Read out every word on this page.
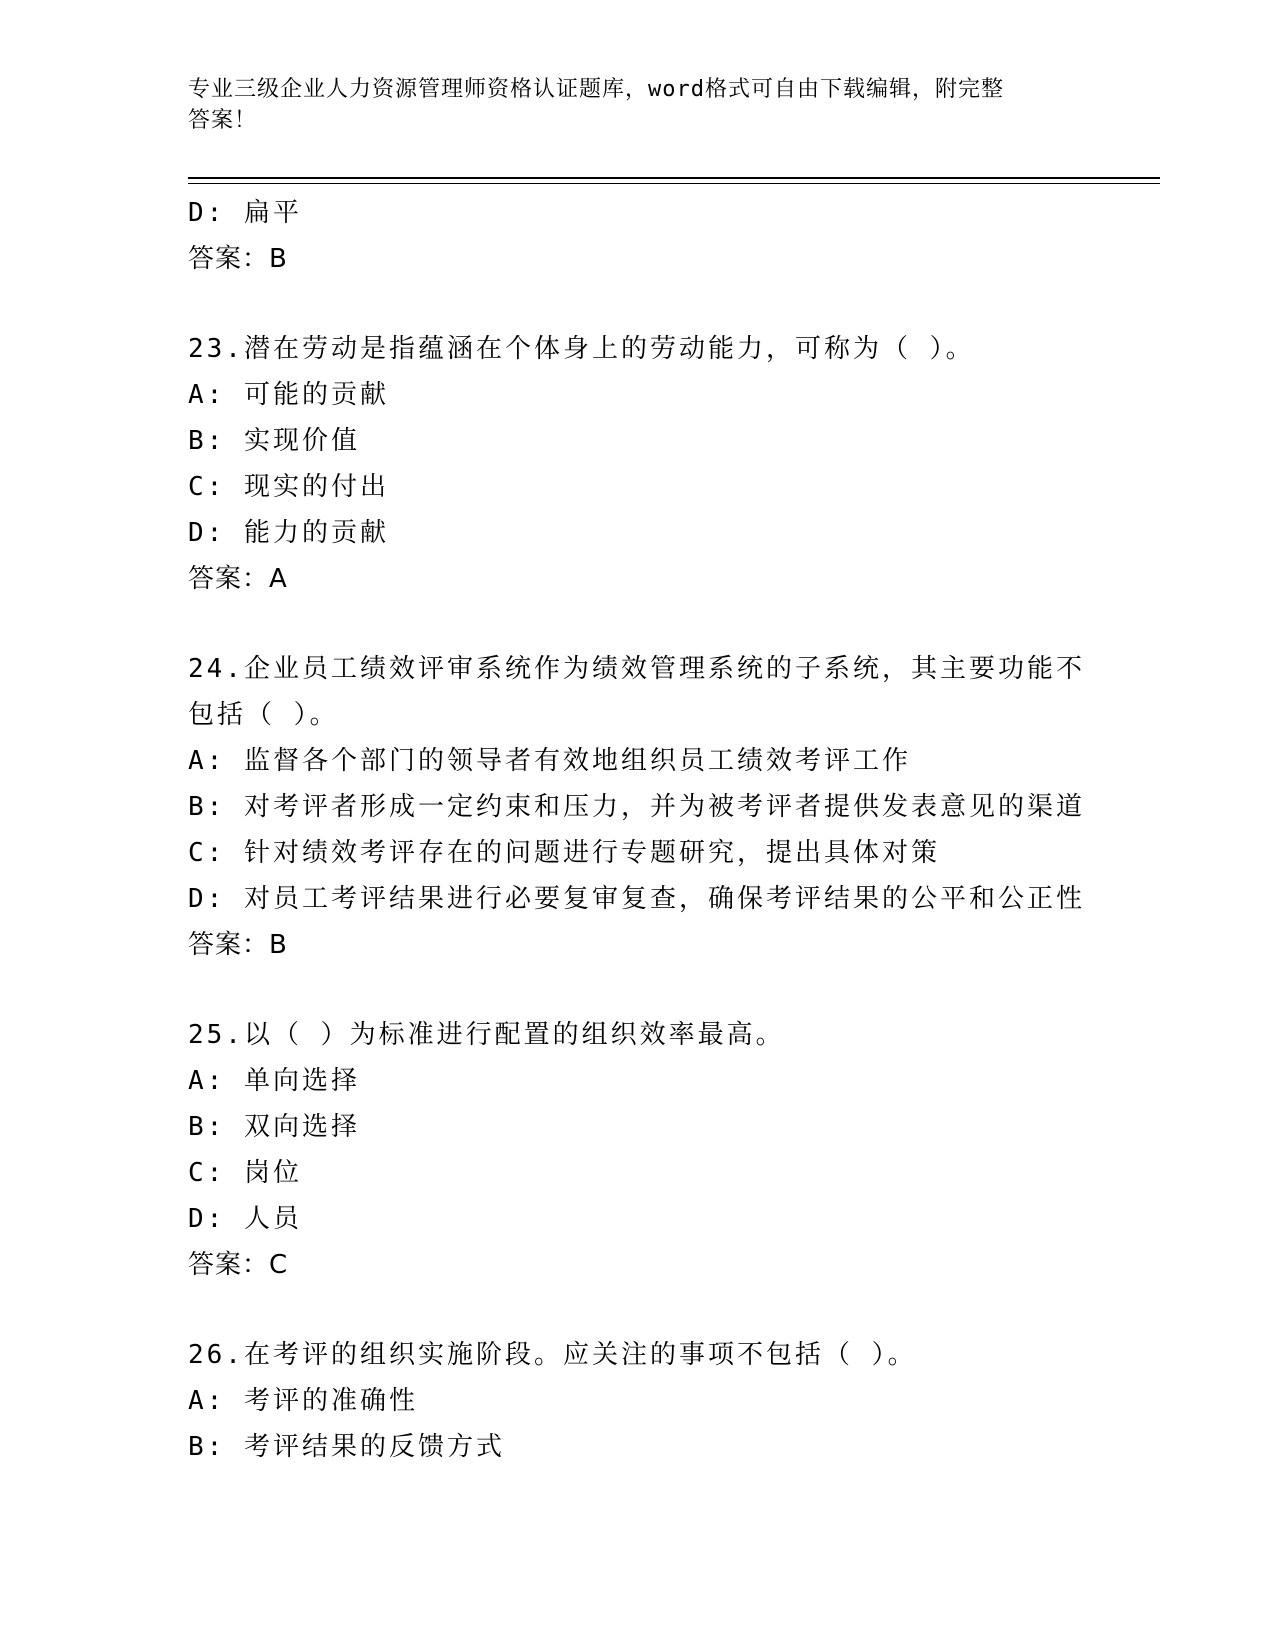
专业三级企业人力资源管理师资格认证题库，word格式可自由下载编辑，附完整
答案！
D: 扁平
答案：B
23.潜在劳动是指蕴涵在个体身上的劳动能力，可称为（ ）。
A: 可能的贡献
B: 实现价值
C: 现实的付出
D: 能力的贡献
答案：A
24.企业员工绩效评审系统作为绩效管理系统的子系统，其主要功能不
包括（ ）。
A: 监督各个部门的领导者有效地组织员工绩效考评工作
B: 对考评者形成一定约束和压力，并为被考评者提供发表意见的渠道
C: 针对绩效考评存在的问题进行专题研究，提出具体对策
D: 对员工考评结果进行必要复审复查，确保考评结果的公平和公正性
答案：B
25.以（ ）为标准进行配置的组织效率最高。
A: 单向选择
B: 双向选择
C: 岗位
D: 人员
答案：C
26.在考评的组织实施阶段。应关注的事项不包括（ ）。
A: 考评的准确性
B: 考评结果的反馈方式
